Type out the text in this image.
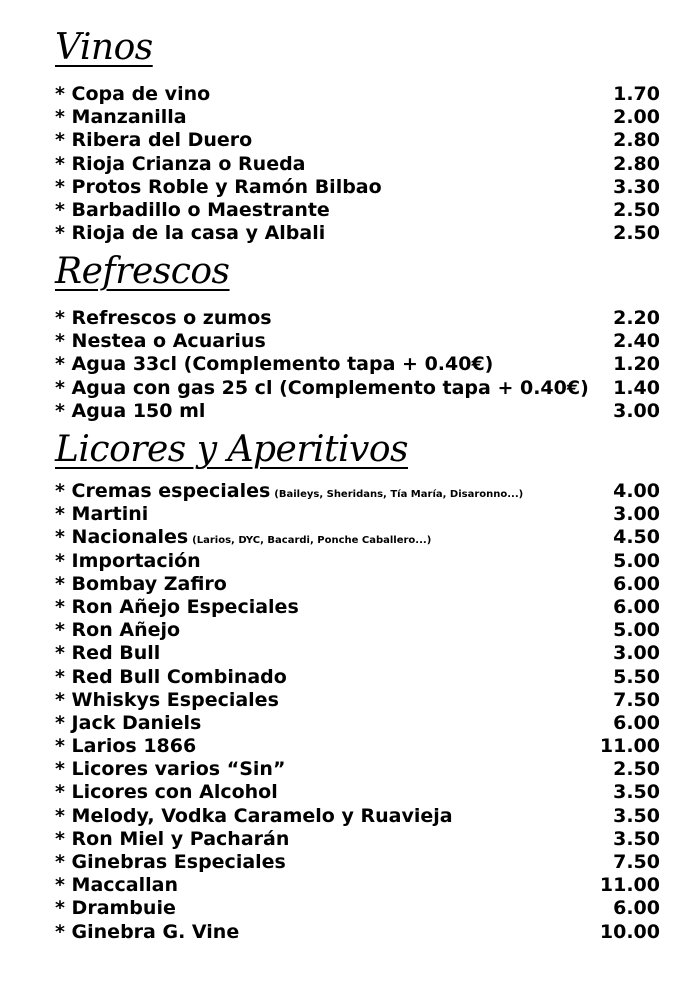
Vinos
* Copa de vino	1.70
* Manzanilla	2.00
* Ribera del Duero	2.80
* Rioja Crianza o Rueda	2.80
* Protos Roble y Ramón Bilbao	3.30
* Barbadillo o Maestrante	2.50
* Rioja de la casa y Albali	2.50
Refrescos
* Refrescos o zumos	2.20
* Nestea o Acuarius	2.40
* Agua 33cl (Complemento tapa + 0.40€)	1.20
* Agua con gas 25 cl (Complemento tapa + 0.40€)	1.40
* Agua 150 ml	3.00
Licores y Aperitivos
* Cremas especiales (Baileys, Sheridans, Tía María, Disaronno...)	4.00
* Martini	3.00
* Nacionales (Larios, DYC, Bacardi, Ponche Caballero...)	4.50
* Importación	5.00
* Bombay Zafiro	6.00
* Ron Añejo Especiales	6.00
* Ron Añejo	5.00
* Red Bull	3.00
* Red Bull Combinado	5.50
* Whiskys Especiales	7.50
* Jack Daniels	6.00
* Larios 1866	11.00
* Licores varios “Sin”	2.50
* Licores con Alcohol	3.50
* Melody, Vodka Caramelo y Ruavieja	3.50
* Ron Miel y Pacharán	3.50
* Ginebras Especiales	7.50
* Maccallan	11.00
* Drambuie	6.00
* Ginebra G. Vine	10.00
